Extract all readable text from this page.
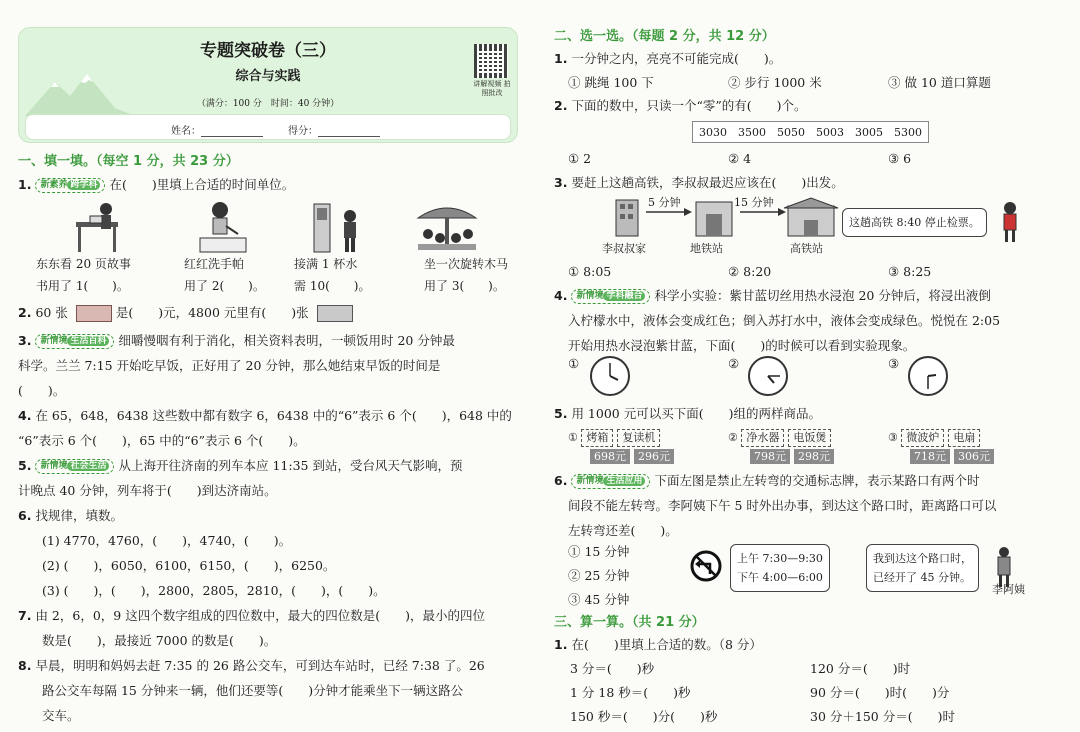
专题突破卷（三）
综合与实践
（满分：100 分　时间：40 分钟）
讲解视频 拍照批改
姓名：	得分：
一、填一填。（每空 1 分，共 23 分）
1. 新素养 跨学科 在(　　)里填上合适的时间单位。
东东看 20 页故事
书用了 1(　　)。
红红洗手帕
用了 2(　　)。
接满 1 杯水
需 10(　　)。
坐一次旋转木马
用了 3(　　)。
2. 60 张	是(　　)元，4800 元里有(　　)张
3. 新情境 生活百科 细嚼慢咽有利于消化，相关资料表明，一顿饭用时 20 分钟最
科学。兰兰 7:15 开始吃早饭，正好用了 20 分钟，那么她结束早饭的时间是
(　　)。
4. 在 65，648，6438 这些数中都有数字 6，6438 中的“6”表示 6 个(　　)，648 中的
“6”表示 6 个(　　)，65 中的“6”表示 6 个(　　)。
5. 新情境 社会生活 从上海开往济南的列车本应 11:35 到站，受台风天气影响，预
计晚点 40 分钟，列车将于(　　)到达济南站。
6. 找规律，填数。
(1) 4770，4760，(　　)，4740，(　　)。
(2) (　　)，6050，6100，6150，(　　)，6250。
(3) (　　)，(　　)，2800，2805，2810，(　　)，(　　)。
7. 由 2，6，0，9 这四个数字组成的四位数中，最大的四位数是(　　)，最小的四位
数是(　　)，最接近 7000 的数是(　　)。
8. 早晨，明明和妈妈去赶 7:35 的 26 路公交车，可到达车站时，已经 7:38 了。26
路公交车每隔 15 分钟来一辆，他们还要等(　　)分钟才能乘坐下一辆这路公
交车。
二、选一选。（每题 2 分，共 12 分）
1. 一分钟之内，亮亮不可能完成(　　)。
① 跳绳 100 下	② 步行 1000 米	③ 做 10 道口算题
2. 下面的数中，只读一个“零”的有(　　)个。
3030　3500　5050　5003　3005　5300
① 2	② 4	③ 6
3. 要赶上这趟高铁，李叔叔最迟应该在(　　)出发。
5 分钟	15 分钟
李叔叔家	地铁站	高铁站
这趟高铁 8:40 停止检票。
① 8:05	② 8:20	③ 8:25
4. 新情境 学科融合 科学小实验：紫甘蓝切丝用热水浸泡 20 分钟后，将浸出液倒
入柠檬水中，液体会变成红色；倒入苏打水中，液体会变成绿色。悦悦在 2:05
开始用热水浸泡紫甘蓝，下面(　　)的时候可以看到实验现象。
①	②	③
5. 用 1000 元可以买下面(　　)组的两样商品。
① 烤箱 复读机
698元 296元
② 净水器 电饭煲
798元 298元
③ 微波炉 电扇
718元 306元
6. 新情境 生活应用 下面左图是禁止左转弯的交通标志牌，表示某路口有两个时
间段不能左转弯。李阿姨下午 5 时外出办事，到达这个路口时，距离路口可以
左转弯还差(　　)。
① 15 分钟
② 25 分钟
③ 45 分钟
上午 7:30—9:30
下午 4:00—6:00
我到达这个路口时，
已经开了 45 分钟。
李阿姨
三、算一算。（共 21 分）
1. 在(　　)里填上合适的数。（8 分）
3 分＝(　　)秒
1 分 18 秒＝(　　)秒
150 秒＝(　　)分(　　)秒
120 分＝(　　)时
90 分＝(　　)时(　　)分
30 分＋150 分＝(　　)时
